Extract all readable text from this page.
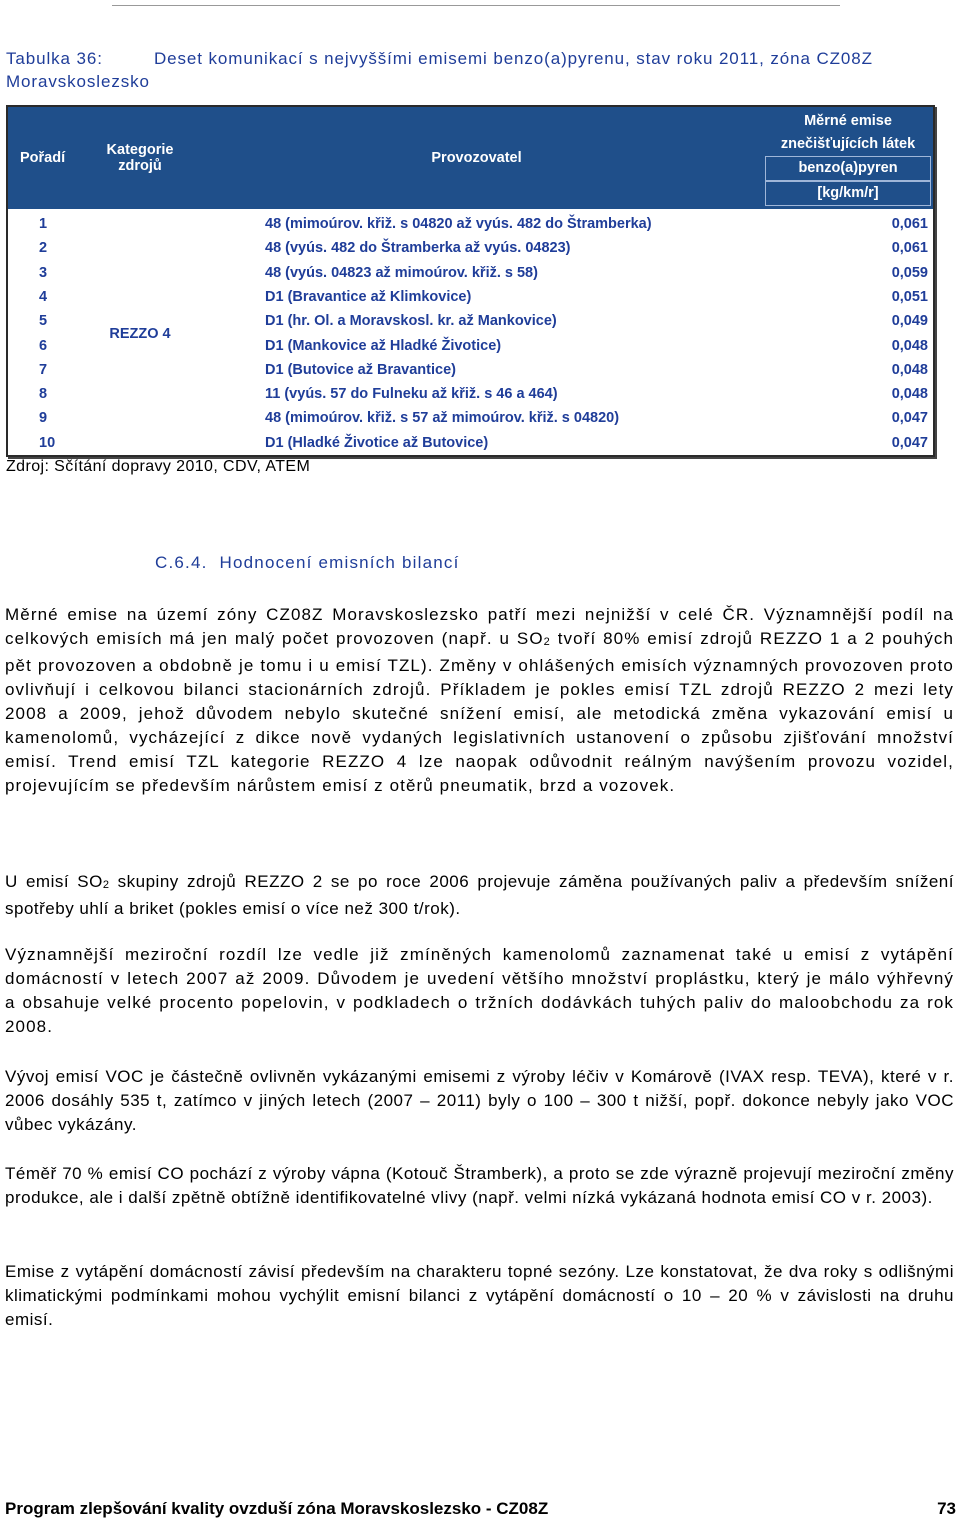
Tabulka 36:	Deset komunikací s nejvyššími emisemi benzo(a)pyrenu, stav roku 2011, zóna CZ08Z Moravskoslezsko
Pořadí	Kategorie zdrojů	Provozovatel	Měrné emise
znečišťujících látek
benzo(a)pyren
[kg/km/r]

1	REZZO 4	48 (mimoúrov. křiž. s 04820 až vyús. 482 do Štramberka)	0,061
2		48 (vyús. 482 do Štramberka až vyús. 04823)	0,061
3		48 (vyús. 04823 až mimoúrov. křiž. s 58)	0,059
4		D1 (Bravantice až Klimkovice)	0,051
5		D1 (hr. Ol. a Moravskosl. kr. až Mankovice)	0,049
6		D1 (Mankovice až Hladké Životice)	0,048
7		D1 (Butovice až Bravantice)	0,048
8		11 (vyús. 57 do Fulneku až křiž. s 46 a 464)	0,048
9		48 (mimoúrov. křiž. s 57 až mimoúrov. křiž. s 04820)	0,047
10		D1 (Hladké Životice až Butovice)	0,047
Zdroj: Sčítání dopravy 2010, CDV, ATEM
C.6.4. Hodnocení emisních bilancí
Měrné emise na území zóny CZ08Z Moravskoslezsko patří mezi nejnižší v celé ČR. Významnější podíl na celkových emisích má jen malý počet provozoven (např. u $SO_2$ tvoří 80% emisí zdrojů REZZO 1 a 2 pouhých pět provozoven a obdobně je tomu i u emisí TZL). Změny v ohlášených emisích významných provozoven proto ovlivňují i celkovou bilanci stacionárních zdrojů. Příkladem je pokles emisí TZL zdrojů REZZO 2 mezi lety 2008 a 2009, jehož důvodem nebylo skutečné snížení emisí, ale metodická změna vykazování emisí u kamenolomů, vycházející z dikce nově vydaných legislativních ustanovení o způsobu zjišťování množství emisí. Trend emisí TZL kategorie REZZO 4 lze naopak odůvodnit reálným navýšením provozu vozidel, projevujícím se především nárůstem emisí z otěrů pneumatik, brzd a vozovek.
U emisí $SO_2$ skupiny zdrojů REZZO 2 se po roce 2006 projevuje záměna používaných paliv a především snížení spotřeby uhlí a briket (pokles emisí o více než 300 t/rok).
Významnější meziroční rozdíl lze vedle již zmíněných kamenolomů zaznamenat také u emisí z vytápění domácností v letech 2007 až 2009. Důvodem je uvedení většího množství proplástku, který je málo výhřevný a obsahuje velké procento popelovin, v podkladech o tržních dodávkách tuhých paliv do maloobchodu za rok 2008.
Vývoj emisí VOC je částečně ovlivněn vykázanými emisemi z výroby léčiv v Komárově (IVAX resp. TEVA), které v r. 2006 dosáhly 535 t, zatímco v jiných letech (2007 – 2011) byly o 100 – 300 t nižší, popř. dokonce nebyly jako VOC vůbec vykázány.
Téměř 70 % emisí CO pochází z výroby vápna (Kotouč Štramberk), a proto se zde výrazně projevují meziroční změny produkce, ale i další zpětně obtížně identifikovatelné vlivy (např. velmi nízká vykázaná hodnota emisí CO v r. 2003).
Emise z vytápění domácností závisí především na charakteru topné sezóny. Lze konstatovat, že dva roky s odlišnými klimatickými podmínkami mohou vychýlit emisní bilanci z vytápění domácností o 10 – 20 % v závislosti na druhu emisí.
Program zlepšování kvality ovzduší zóna Moravskoslezsko - CZ08Z	73
